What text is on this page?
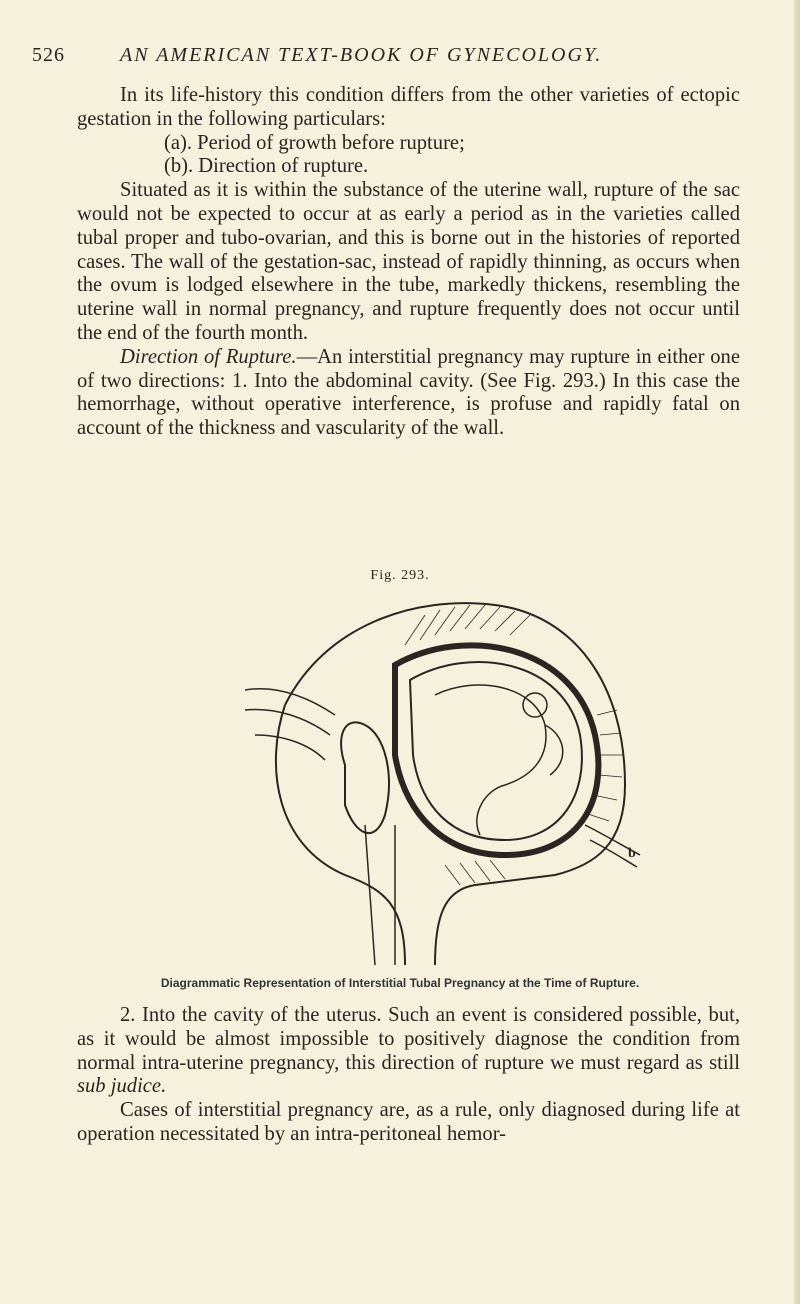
526	AN AMERICAN TEXT-BOOK OF GYNECOLOGY.

In its life-history this condition differs from the other varieties of ectopic gestation in the following particulars:

(a). Period of growth before rupture;

(b). Direction of rupture.

Situated as it is within the substance of the uterine wall, rupture of the sac would not be expected to occur at as early a period as in the varieties called tubal proper and tubo-ovarian, and this is borne out in the histories of reported cases. The wall of the gestation-sac, instead of rapidly thinning, as occurs when the ovum is lodged elsewhere in the tube, markedly thickens, resembling the uterine wall in normal pregnancy, and rupture frequently does not occur until the end of the fourth month.

Direction of Rupture.—An interstitial pregnancy may rupture in either one of two directions: 1. Into the abdominal cavity. (See Fig. 293.) In this case the hemorrhage, without operative interference, is profuse and rapidly fatal on account of the thickness and vascularity of the wall.

Fig. 293.
b
Diagrammatic Representation of Interstitial Tubal Pregnancy at the Time of Rupture.

2. Into the cavity of the uterus. Such an event is considered possible, but, as it would be almost impossible to positively diagnose the condition from normal intra-uterine pregnancy, this direction of rupture we must regard as still sub judice.

Cases of interstitial pregnancy are, as a rule, only diagnosed during life at operation necessitated by an intra-peritoneal hemor-
